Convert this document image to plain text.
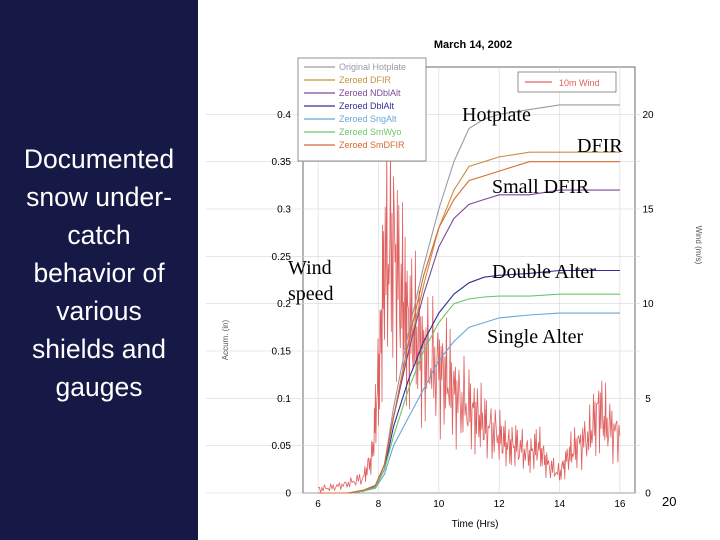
Documented
snow under-
catch
behavior of
various
shields and
gauges
March 14, 2002
0
0.05
0.1
0.15
0.2
0.25
0.3
0.35
0.4
6	8	10	12	14	16
0
5
10
15
20
Original Hotplate
Zeroed DFIR
Zeroed NDblAlt
Zeroed DblAlt
Zeroed SngAlt
Zeroed SmWyo
Zeroed SmDFIR
10m Wind
Time (Hrs)
Accum. (in)
Wind (m/s)
Hotplate
DFIR
Small DFIR
Wind
speed
Double Alter
Single Alter
20
